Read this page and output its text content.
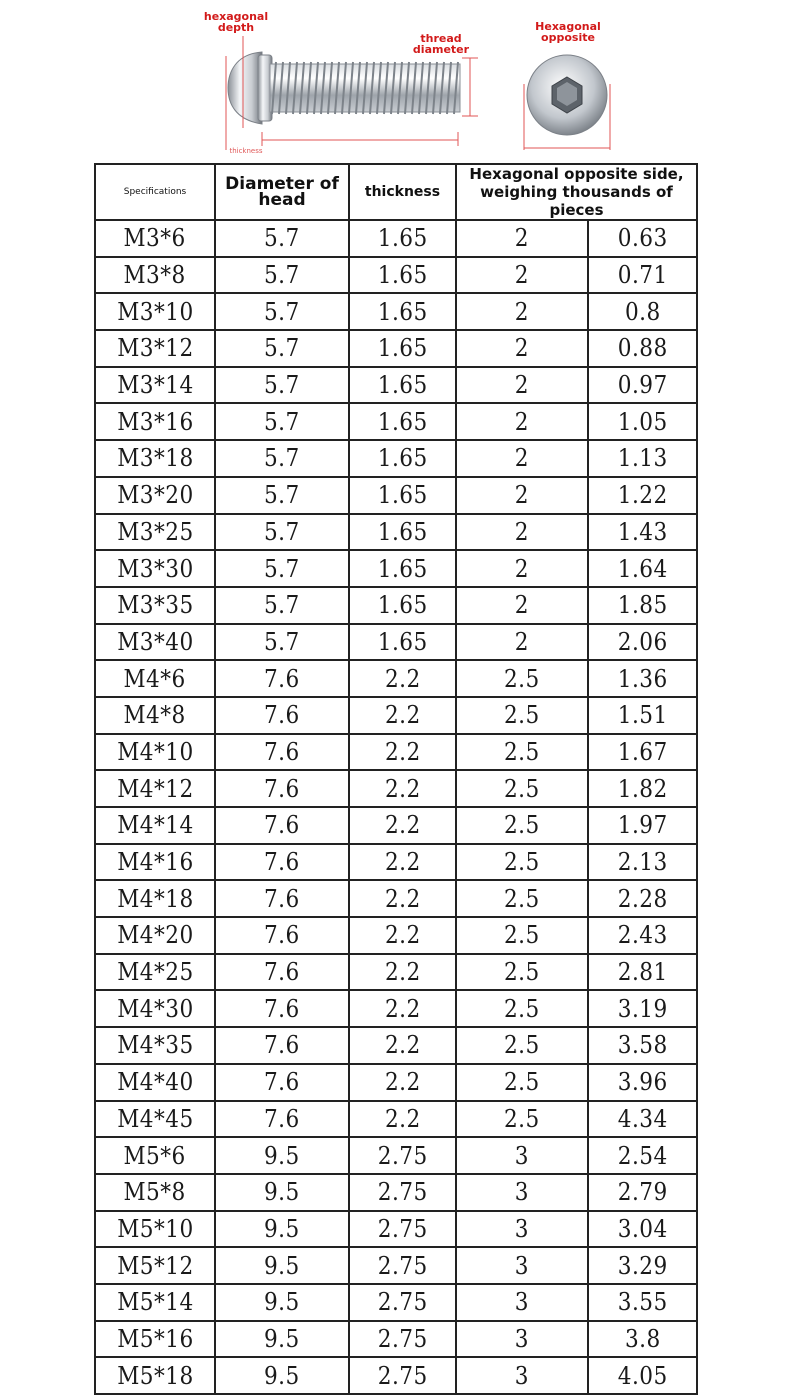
hexagonal depth
thread diameter
Hexagonal opposite
thickness
Specifications	Diameter of head	thickness	Hexagonal opposite side, weighing thousands of pieces	
M3*6	5.7	1.65	2	0.63
M3*8	5.7	1.65	2	0.71
M3*10	5.7	1.65	2	0.8
M3*12	5.7	1.65	2	0.88
M3*14	5.7	1.65	2	0.97
M3*16	5.7	1.65	2	1.05
M3*18	5.7	1.65	2	1.13
M3*20	5.7	1.65	2	1.22
M3*25	5.7	1.65	2	1.43
M3*30	5.7	1.65	2	1.64
M3*35	5.7	1.65	2	1.85
M3*40	5.7	1.65	2	2.06
M4*6	7.6	2.2	2.5	1.36
M4*8	7.6	2.2	2.5	1.51
M4*10	7.6	2.2	2.5	1.67
M4*12	7.6	2.2	2.5	1.82
M4*14	7.6	2.2	2.5	1.97
M4*16	7.6	2.2	2.5	2.13
M4*18	7.6	2.2	2.5	2.28
M4*20	7.6	2.2	2.5	2.43
M4*25	7.6	2.2	2.5	2.81
M4*30	7.6	2.2	2.5	3.19
M4*35	7.6	2.2	2.5	3.58
M4*40	7.6	2.2	2.5	3.96
M4*45	7.6	2.2	2.5	4.34
M5*6	9.5	2.75	3	2.54
M5*8	9.5	2.75	3	2.79
M5*10	9.5	2.75	3	3.04
M5*12	9.5	2.75	3	3.29
M5*14	9.5	2.75	3	3.55
M5*16	9.5	2.75	3	3.8
M5*18	9.5	2.75	3	4.05
